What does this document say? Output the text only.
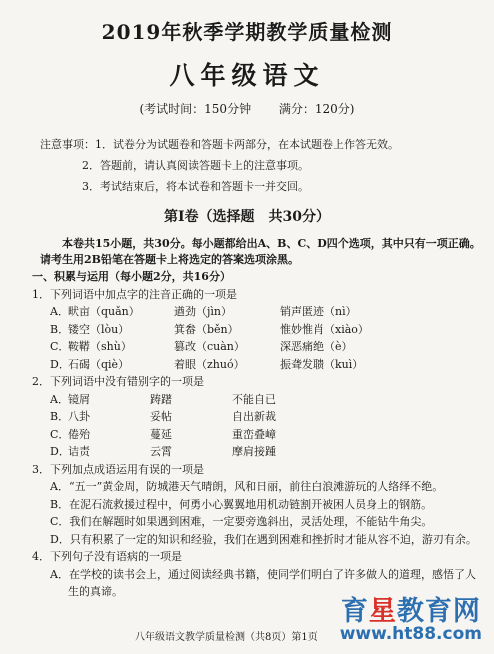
2019年秋季学期教学质量检测
八年级语文
(考试时间：150分钟 满分：120分)
注意事项：1．试卷分为试题卷和答题卡两部分，在本试题卷上作答无效。
2．答题前，请认真阅读答题卡上的注意事项。
3．考试结束后，将本试卷和答题卡一并交回。
第Ⅰ卷（选择题　共30分）
本卷共15小题，共30分。每小题都给出A、B、C、D四个选项，其中只有一项正确。请考生用2B铅笔在答题卡上将选定的答案选项涂黑。
一、积累与运用（每小题2分，共16分）
1．下列词语中加点字的注音正确的一项是
A．畎亩（quǎn）	遒劲（jìn）	销声匿迹（nì）
B．镂空（lòu）	箕畚（běn）	惟妙惟肖（xiào）
C．鞍鞯（shù）	篡改（cuàn）	深恶痛绝（è）
D．石碣（qiè）	着眼（zhuó）	振聋发聩（kuì）
2．下列词语中没有错别字的一项是
A．镜屑	踌躇	不能自已
B．八卦	妥帖	自出新裁
C．倦殆	蔓延	重峦叠嶂
D．诘责	云霄	摩肩接踵
3．下列加点成语运用有误的一项是
A．“五一”黄金周，防城港天气晴朗，风和日丽，前往白浪滩游玩的人络绎不绝。
B．在泥石流救援过程中，何勇小心翼翼地用机动链割开被困人员身上的钢筋。
C．我们在解题时如果遇到困难，一定要旁逸斜出，灵活处理，不能钻牛角尖。
D．只有积累了一定的知识和经验，我们在遇到困难和挫折时才能从容不迫，游刃有余。
4．下列句子没有语病的一项是
A．在学校的读书会上，通过阅读经典书籍，使同学们明白了许多做人的道理，感悟了人生的真谛。
八年级语文教学质量检测（共8页）第1页
育星教育网
www.ht88.com
